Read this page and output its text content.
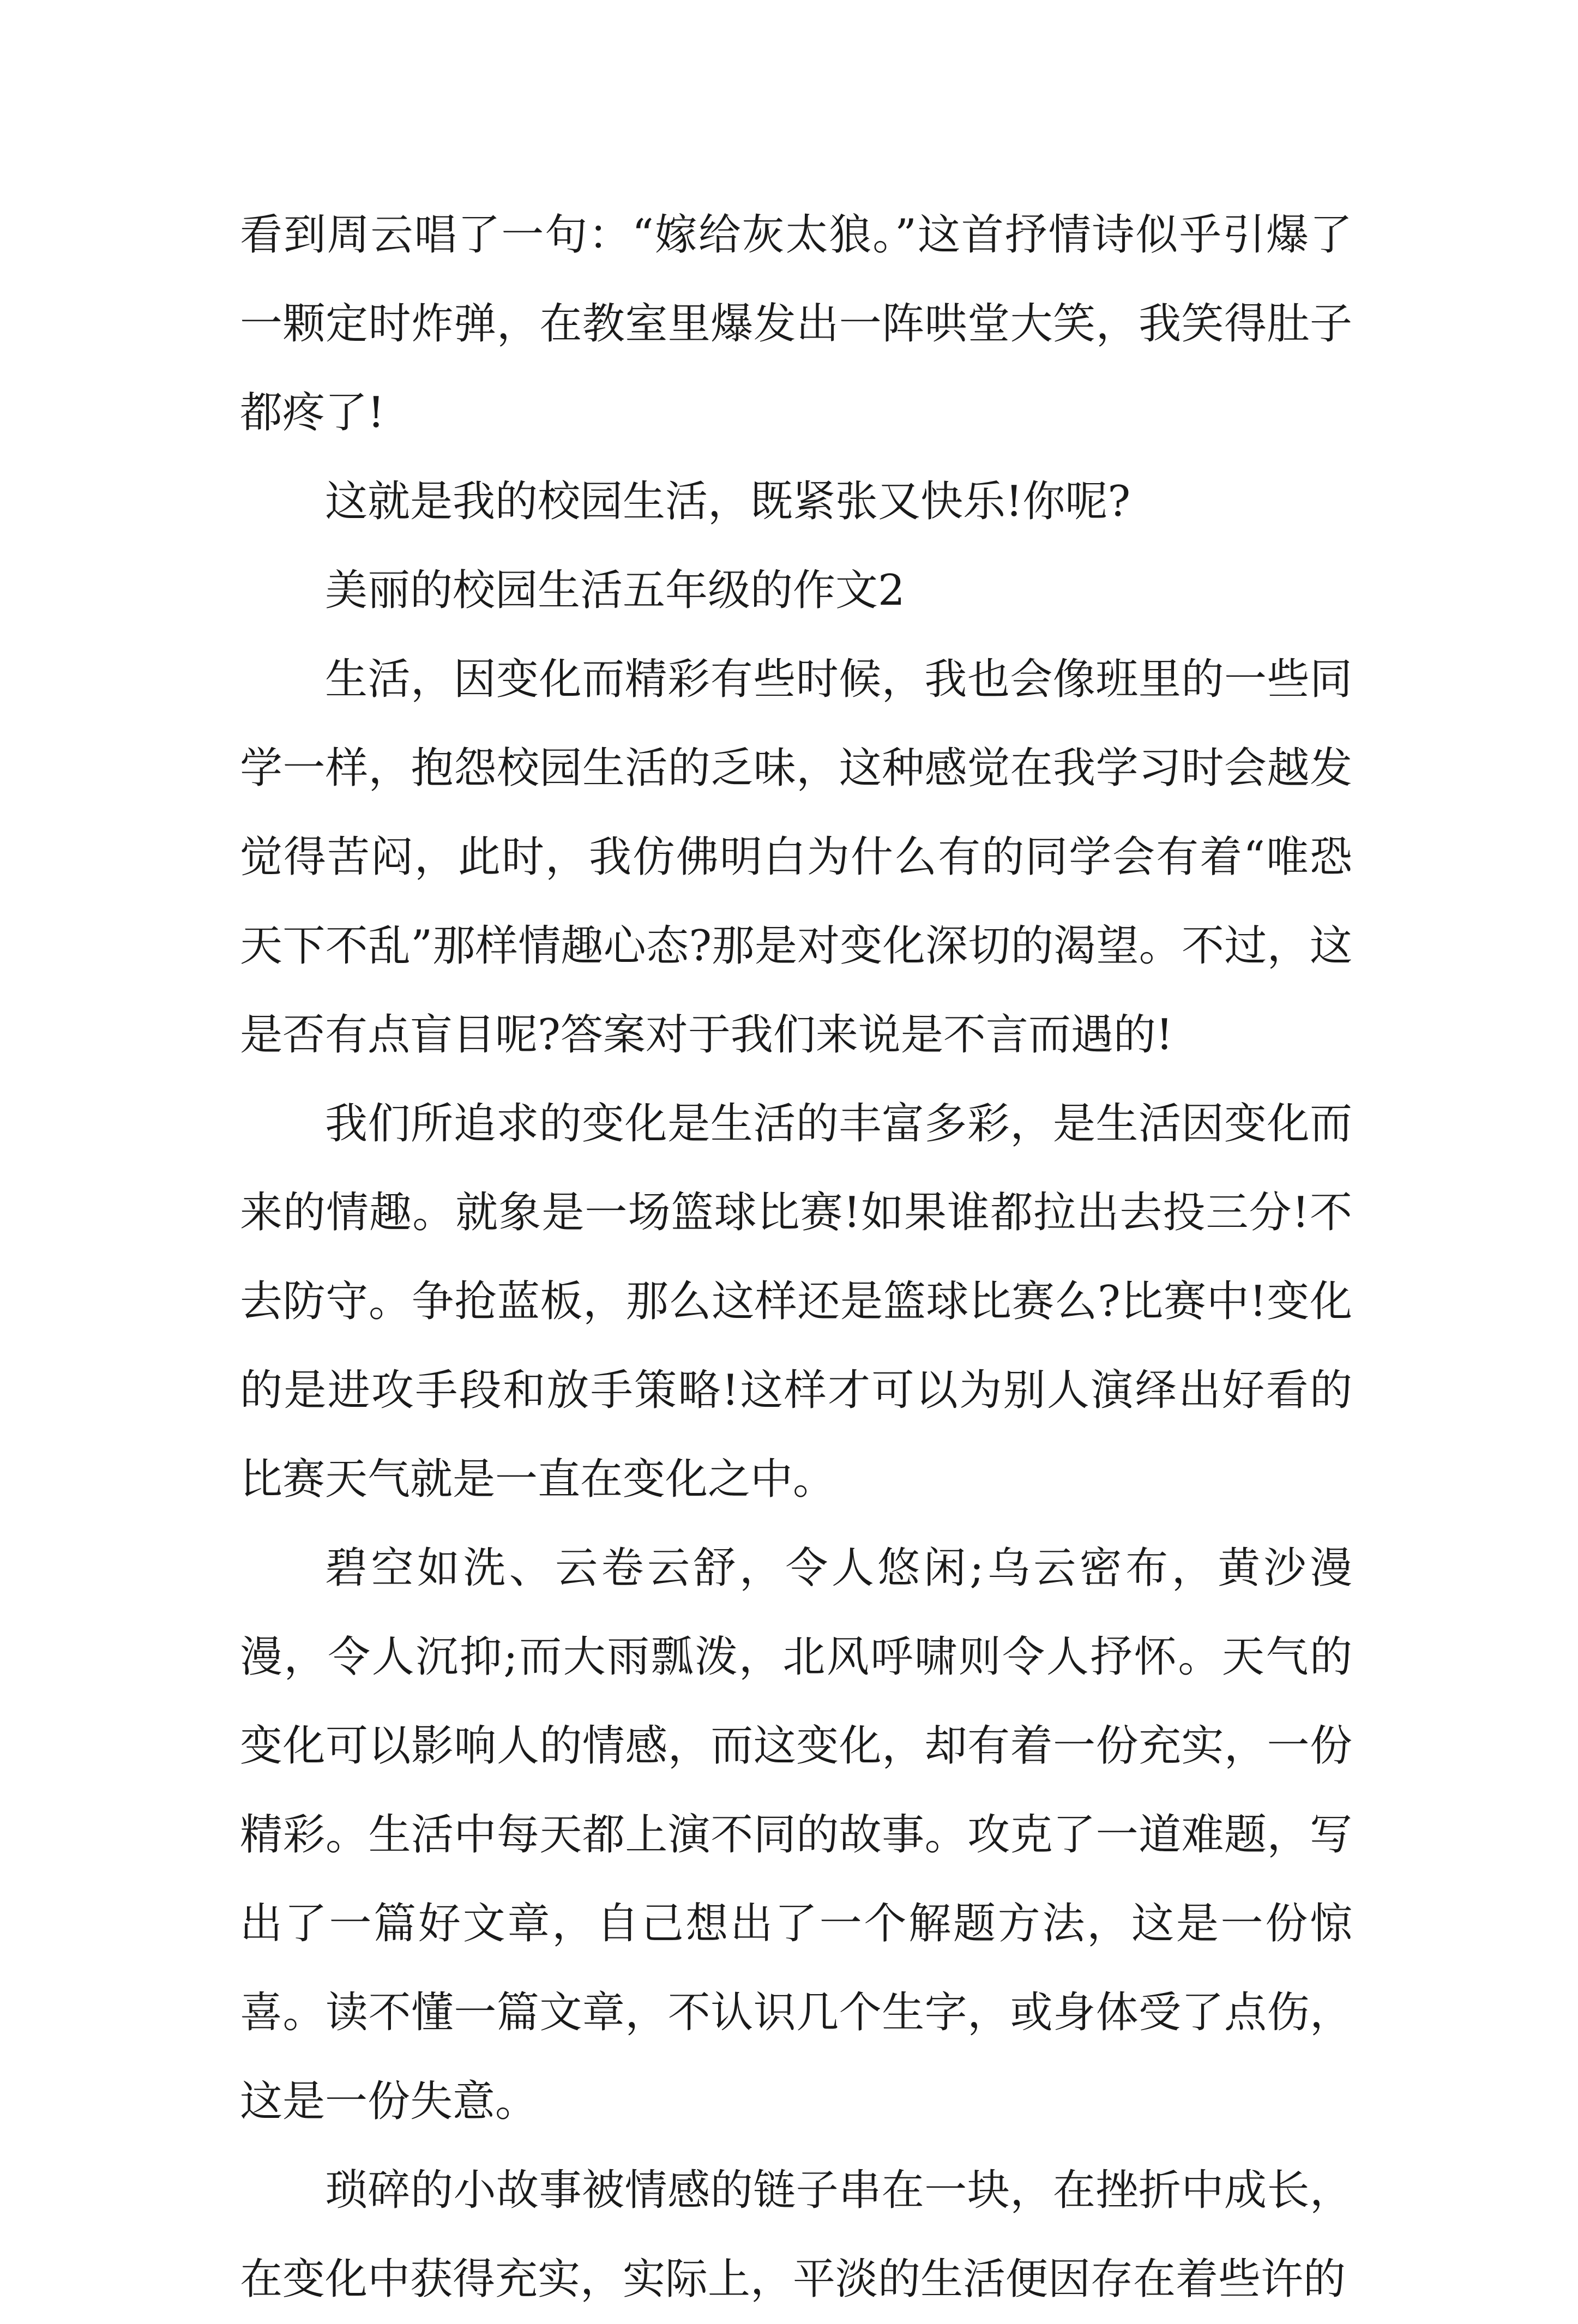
看到周云唱了一句：“嫁给灰太狼。”这首抒情诗似乎引爆了一颗定时炸弹，在教室里爆发出一阵哄堂大笑，我笑得肚子都疼了!

这就是我的校园生活，既紧张又快乐!你呢?

美丽的校园生活五年级的作文2

生活，因变化而精彩有些时候，我也会像班里的一些同学一样，抱怨校园生活的乏味，这种感觉在我学习时会越发觉得苦闷，此时，我仿佛明白为什么有的同学会有着“唯恐天下不乱”那样情趣心态?那是对变化深切的渴望。不过，这是否有点盲目呢?答案对于我们来说是不言而遇的!

我们所追求的变化是生活的丰富多彩，是生活因变化而来的情趣。就象是一场篮球比赛!如果谁都拉出去投三分!不去防守。争抢蓝板，那么这样还是篮球比赛么?比赛中!变化的是进攻手段和放手策略!这样才可以为别人演绎出好看的比赛天气就是一直在变化之中。

碧空如洗、云卷云舒，令人悠闲;乌云密布，黄沙漫漫，令人沉抑;而大雨瓢泼，北风呼啸则令人抒怀。天气的变化可以影响人的情感，而这变化，却有着一份充实，一份精彩。生活中每天都上演不同的故事。攻克了一道难题，写出了一篇好文章，自己想出了一个解题方法，这是一份惊喜。读不懂一篇文章，不认识几个生字，或身体受了点伤，这是一份失意。

琐碎的小故事被情感的链子串在一块，在挫折中成长，在变化中获得充实，实际上，平淡的生活便因存在着些许的
